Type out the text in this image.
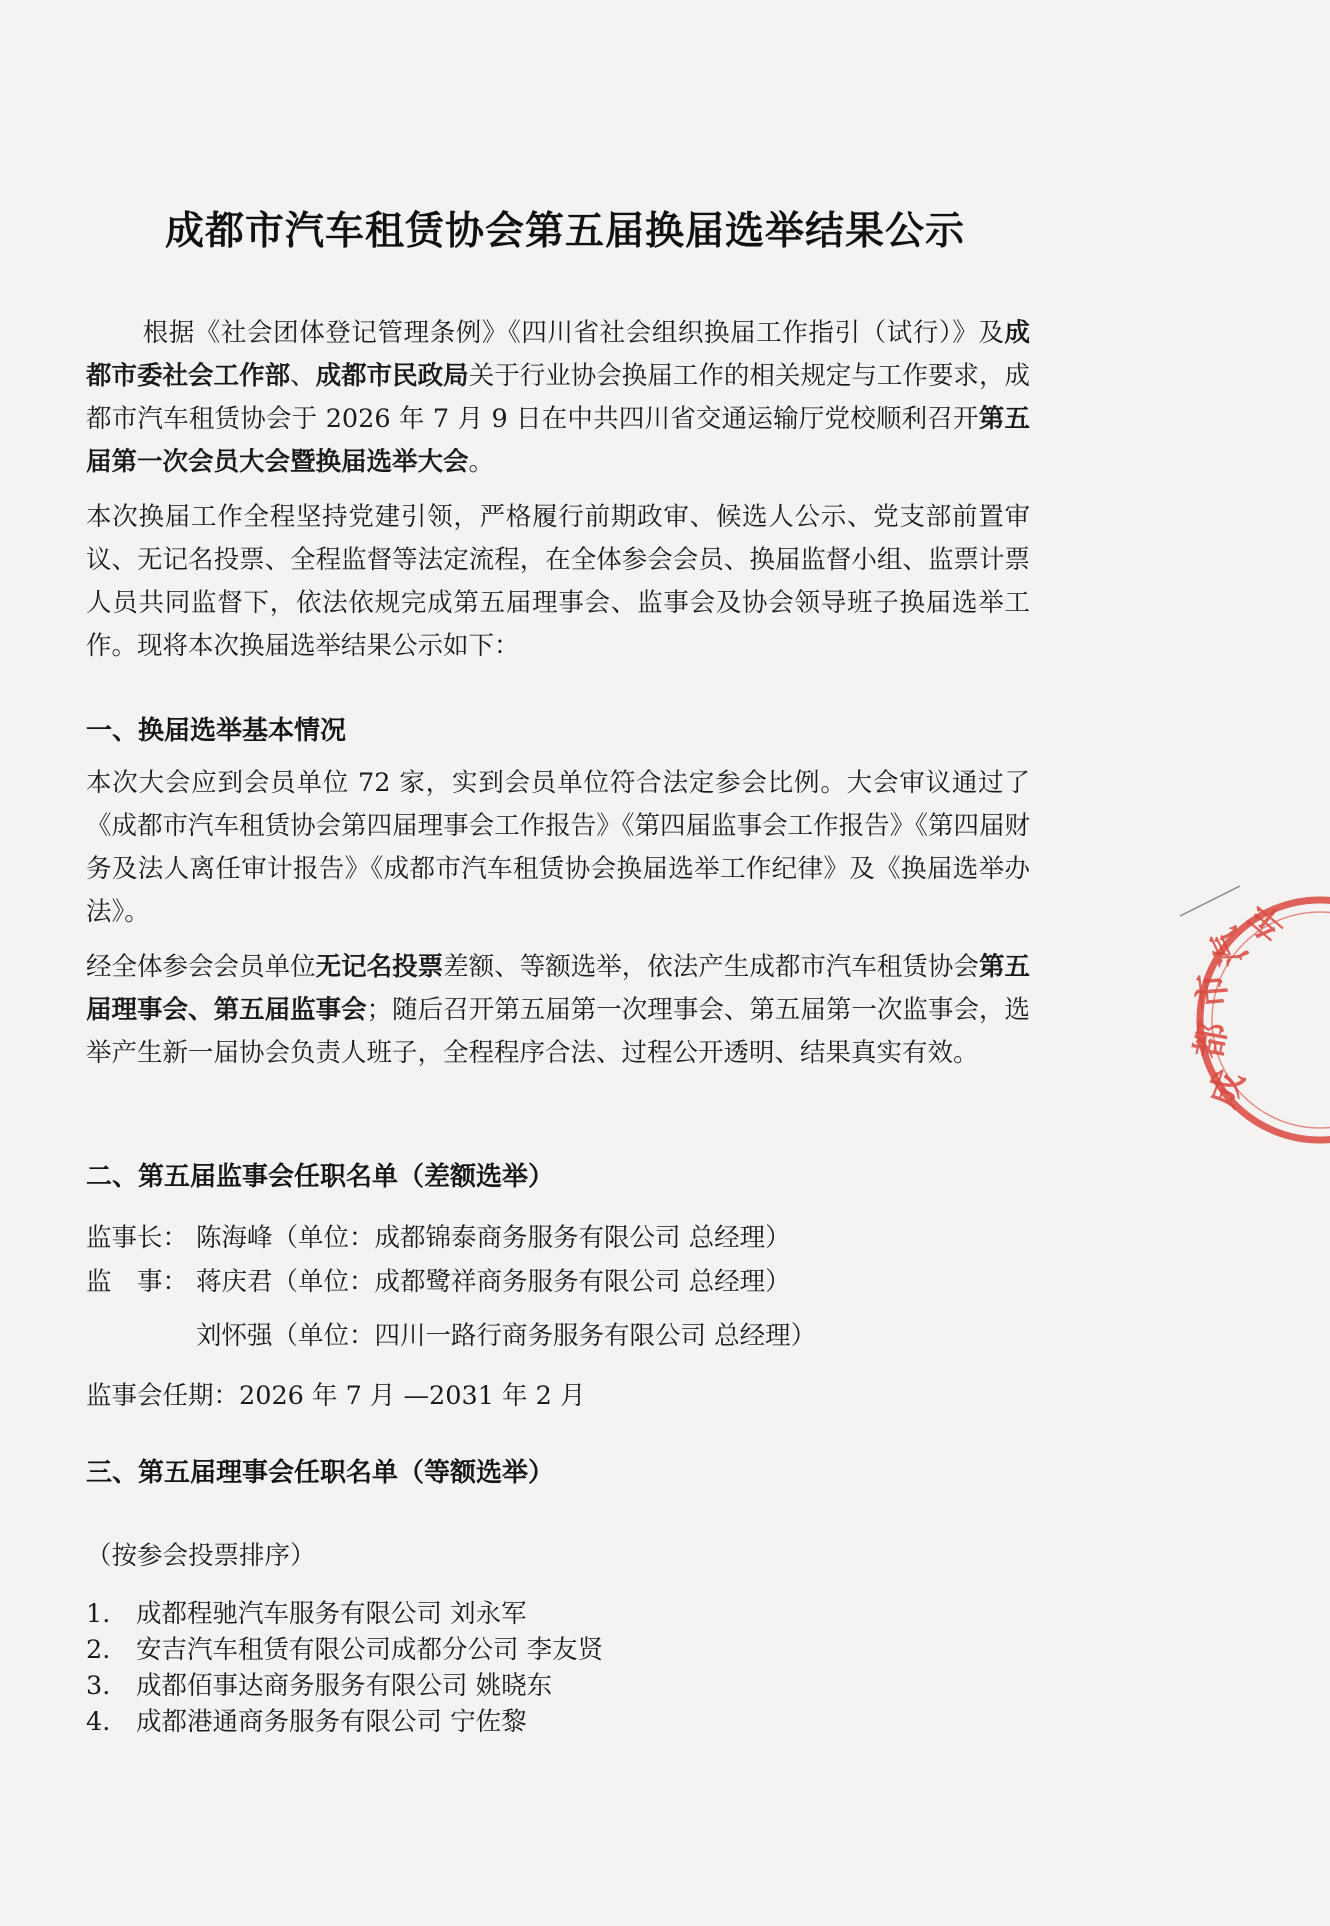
成都市汽车租赁协会第五届换届选举结果公示
根据《社会团体登记管理条例》《四川省社会组织换届工作指引（试行）》及成都市委社会工作部、成都市民政局关于行业协会换届工作的相关规定与工作要求，成都市汽车租赁协会于 2026 年 7 月 9 日在中共四川省交通运输厅党校顺利召开第五届第一次会员大会暨换届选举大会。
本次换届工作全程坚持党建引领，严格履行前期政审、候选人公示、党支部前置审议、无记名投票、全程监督等法定流程，在全体参会会员、换届监督小组、监票计票人员共同监督下，依法依规完成第五届理事会、监事会及协会领导班子换届选举工作。现将本次换届选举结果公示如下：
一、换届选举基本情况
本次大会应到会员单位 72 家，实到会员单位符合法定参会比例。大会审议通过了《成都市汽车租赁协会第四届理事会工作报告》《第四届监事会工作报告》《第四届财务及法人离任审计报告》《成都市汽车租赁协会换届选举工作纪律》及《换届选举办法》。
经全体参会会员单位无记名投票差额、等额选举，依法产生成都市汽车租赁协会第五届理事会、第五届监事会；随后召开第五届第一次理事会、第五届第一次监事会，选举产生新一届协会负责人班子，全程程序合法、过程公开透明、结果真实有效。
二、第五届监事会任职名单（差额选举）
监事长： 陈海峰（单位：成都锦泰商务服务有限公司 总经理）
监　事： 蒋庆君（单位：成都鹭祥商务服务有限公司 总经理）
刘怀强（单位：四川一路行商务服务有限公司 总经理）
监事会任期：2026 年 7 月 —2031 年 2 月
三、第五届理事会任职名单（等额选举）
（按参会投票排序）
1. 成都程驰汽车服务有限公司 刘永军
2. 安吉汽车租赁有限公司成都分公司 李友贤
3. 成都佰事达商务服务有限公司 姚晓东
4. 成都港通商务服务有限公司 宁佐黎
成
都
市
汽
车
